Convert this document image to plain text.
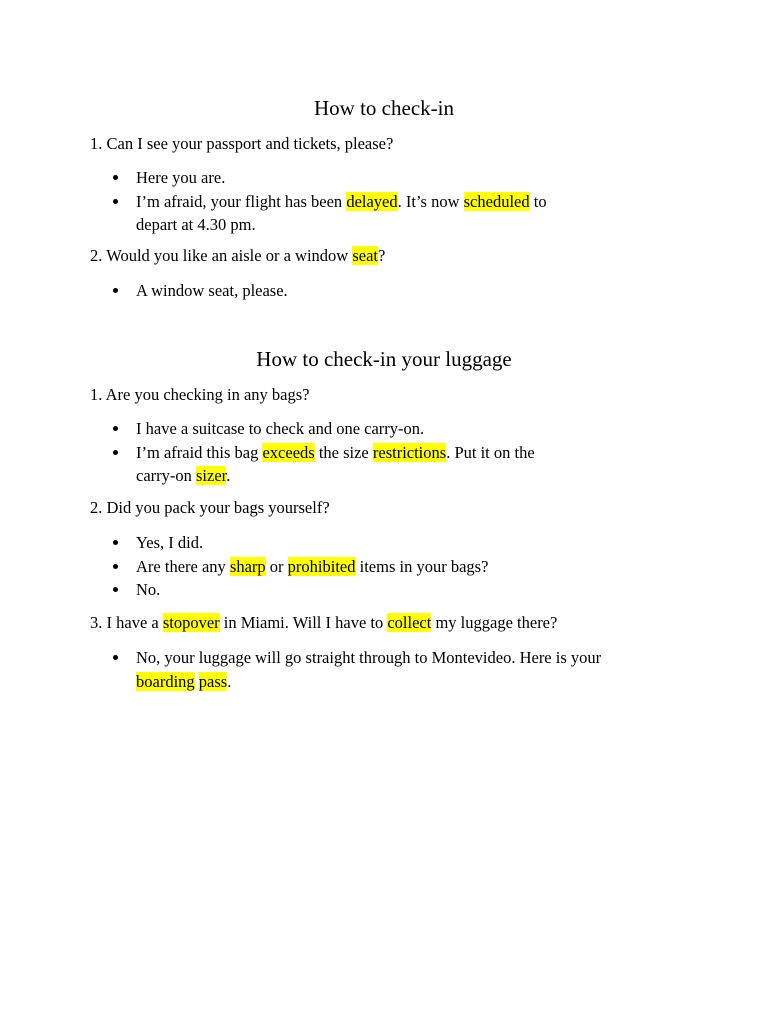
How to check-in

1. Can I see your passport and tickets, please?

Here you are.
I’m afraid, your flight has been delayed. It’s now scheduled to
depart at 4.30 pm.

2. Would you like an aisle or a window seat?

A window seat, please.
How to check-in your luggage

1. Are you checking in any bags?

I have a suitcase to check and one carry-on.
I’m afraid this bag exceeds the size restrictions. Put it on the
carry-on sizer.

2. Did you pack your bags yourself?

Yes, I did.
Are there any sharp or prohibited items in your bags?
No.

3. I have a stopover in Miami. Will I have to collect my luggage there?

No, your luggage will go straight through to Montevideo. Here is your
boarding pass.
